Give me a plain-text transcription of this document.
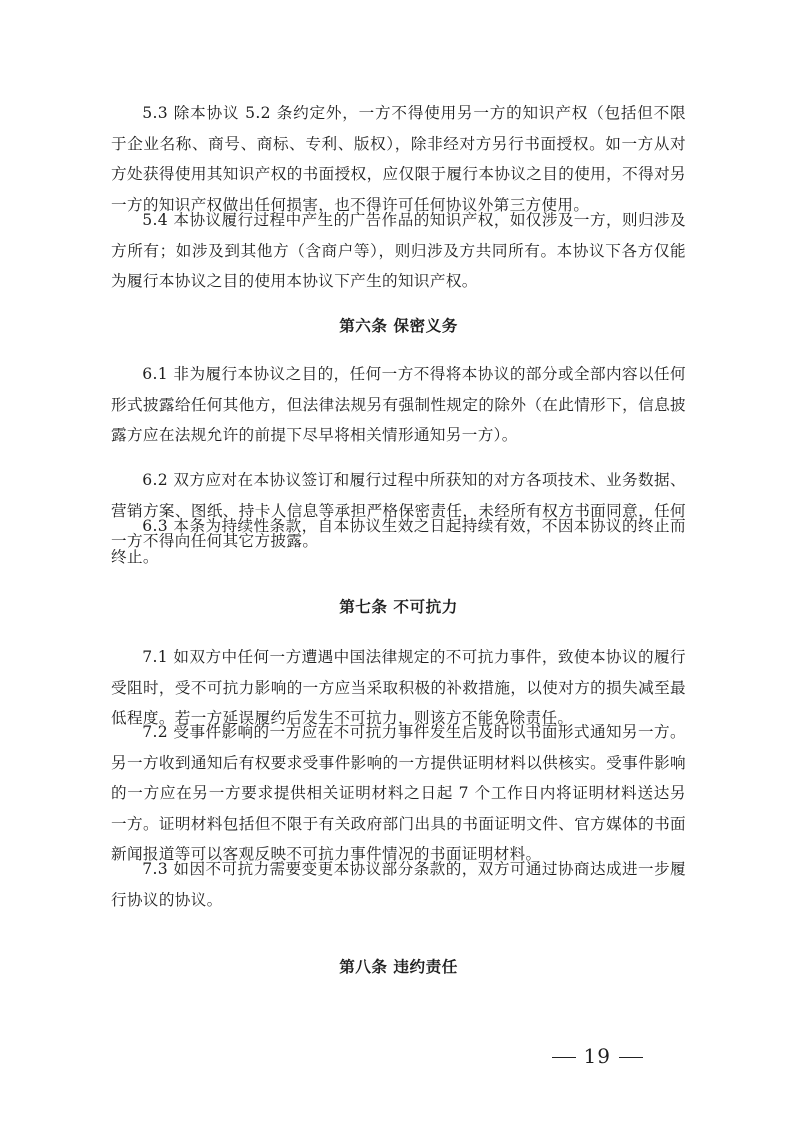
5.3 除本协议 5.2 条约定外，一方不得使用另一方的知识产权（包括但不限于企业名称、商号、商标、专利、版权），除非经对方另行书面授权。如一方从对方处获得使用其知识产权的书面授权，应仅限于履行本协议之目的使用，不得对另一方的知识产权做出任何损害，也不得许可任何协议外第三方使用。

5.4 本协议履行过程中产生的广告作品的知识产权，如仅涉及一方，则归涉及方所有；如涉及到其他方（含商户等），则归涉及方共同所有。本协议下各方仅能为履行本协议之目的使用本协议下产生的知识产权。

第六条 保密义务

6.1 非为履行本协议之目的，任何一方不得将本协议的部分或全部内容以任何形式披露给任何其他方，但法律法规另有强制性规定的除外（在此情形下，信息披露方应在法规允许的前提下尽早将相关情形通知另一方）。

6.2 双方应对在本协议签订和履行过程中所获知的对方各项技术、业务数据、营销方案、图纸、持卡人信息等承担严格保密责任，未经所有权方书面同意，任何一方不得向任何其它方披露。

6.3 本条为持续性条款，自本协议生效之日起持续有效，不因本协议的终止而终止。

第七条 不可抗力

7.1 如双方中任何一方遭遇中国法律规定的不可抗力事件，致使本协议的履行受阻时，受不可抗力影响的一方应当采取积极的补救措施，以使对方的损失减至最低程度。若一方延误履约后发生不可抗力，则该方不能免除责任。

7.2 受事件影响的一方应在不可抗力事件发生后及时以书面形式通知另一方。另一方收到通知后有权要求受事件影响的一方提供证明材料以供核实。受事件影响的一方应在另一方要求提供相关证明材料之日起 7 个工作日内将证明材料送达另一方。证明材料包括但不限于有关政府部门出具的书面证明文件、官方媒体的书面新闻报道等可以客观反映不可抗力事件情况的书面证明材料。

7.3 如因不可抗力需要变更本协议部分条款的，双方可通过协商达成进一步履行协议的协议。

第八条 违约责任
19
